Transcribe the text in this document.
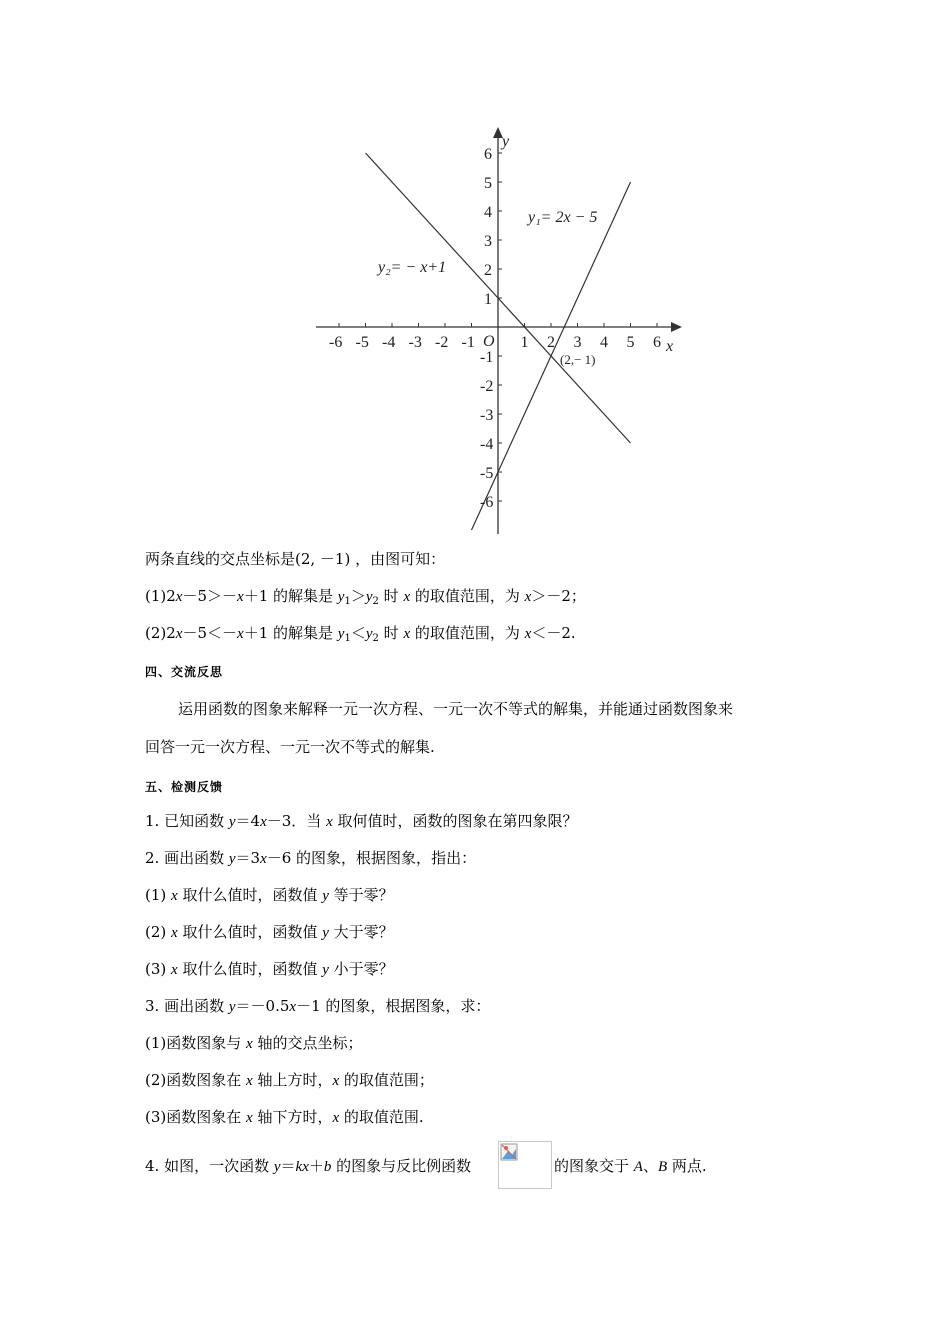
-6 -5 -4 -3 -2 -1	1 2 3 4 5 6
6
5
4
3
2
1
-1
-2
-3
-4
-5
-6
O	x
y
y₁= 2x − 5
y₂= − x+1
(2,− 1)
两条直线的交点坐标是(2, －1) ，由图可知：
(1)2x－5＞－x＋1 的解集是 $y_1>y_2$ 时 x 的取值范围，为 x＞－2；
(2)2x－5＜－x＋1 的解集是 $y_1<y_2$ 时 x 的取值范围，为 x＜－2.
四、交流反思
运用函数的图象来解释一元一次方程、一元一次不等式的解集，并能通过函数图象来
回答一元一次方程、一元一次不等式的解集.
五、检测反馈
1. 已知函数 y＝4x－3．当 x 取何值时，函数的图象在第四象限？
2. 画出函数 y＝3x－6 的图象，根据图象，指出：
(1) x 取什么值时，函数值 y 等于零？
(2) x 取什么值时，函数值 y 大于零？
(3) x 取什么值时，函数值 y 小于零？
3. 画出函数 y＝－0.5x－1 的图象，根据图象，求：
(1)函数图象与 x 轴的交点坐标；
(2)函数图象在 x 轴上方时，x 的取值范围；
(3)函数图象在 x 轴下方时，x 的取值范围.
4. 如图，一次函数 y＝kx＋b 的图象与反比例函数	的图象交于 A、B 两点.
